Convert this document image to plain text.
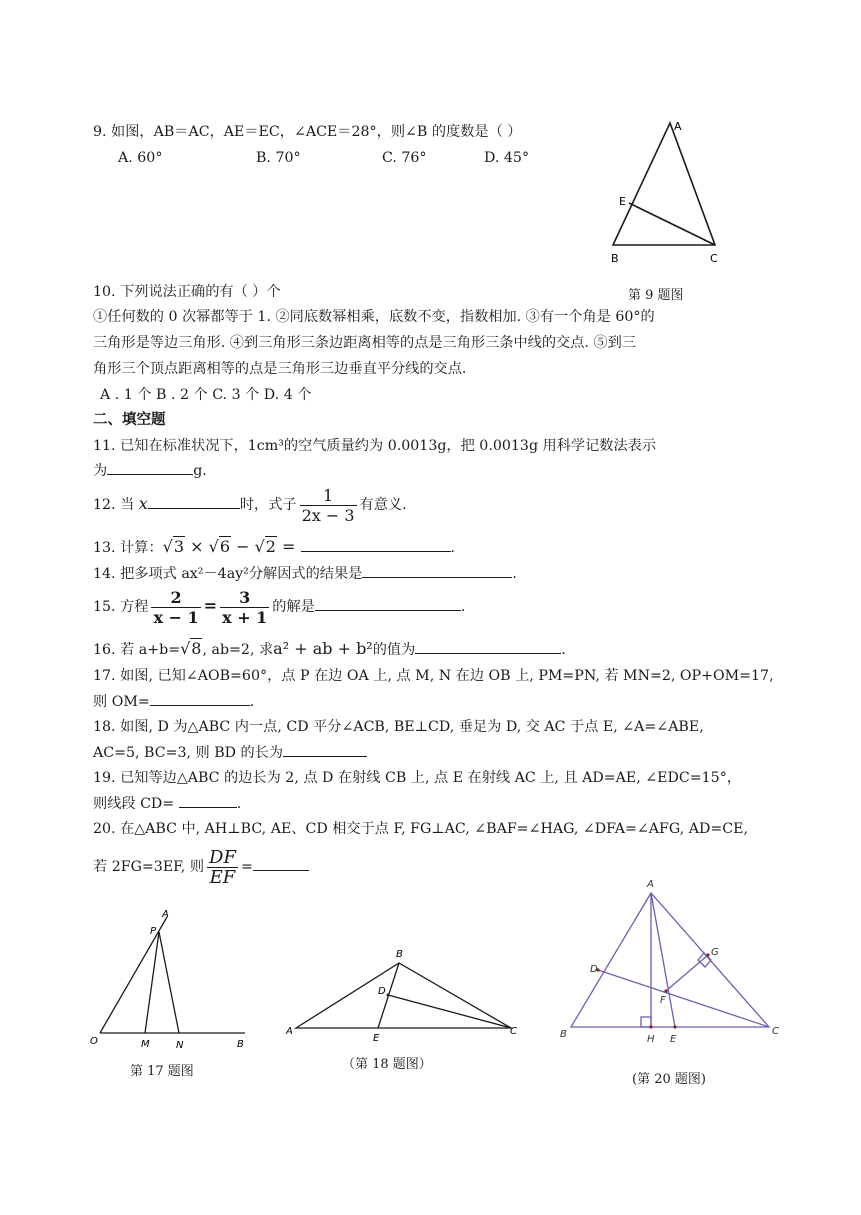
9. 如图，AB＝AC，AE＝EC，∠ACE＝28°，则∠B 的度数是（ ）
A. 60°	B. 70°	C. 76°	D. 45°
A
E
B	C
第 9 题图
10. 下列说法正确的有（ ）个
①任何数的 0 次幂都等于 1. ②同底数幂相乘，底数不变，指数相加. ③有一个角是 60°的
三角形是等边三角形. ④到三角形三条边距离相等的点是三角形三条中线的交点. ⑤到三
角形三个顶点距离相等的点是三角形三边垂直平分线的交点.
A . 1 个 B . 2 个 C. 3 个 D. 4 个
二、填空题
11. 已知在标准状况下，1cm³的空气质量约为 0.0013g，把 0.0013g 用科学记数法表示
为	g.
12. 当 x	时，式子 $\frac{1}{2x - 3}$ 有意义.
13. 计算：√3 × √6 − √2 =	.
14. 把多项式 ax²－4ay²分解因式的结果是	.
15. 方程 $\frac{2}{x - 1} = \frac{3}{x + 1}$ 的解是	.
16. 若 a+b=√8, ab=2, 求a² + ab + b²的值为	.
17. 如图, 已知∠AOB=60°，点 P 在边 OA 上, 点 M, N 在边 OB 上, PM=PN, 若 MN=2, OP+OM=17,
则 OM=	.
18. 如图, D 为△ABC 内一点, CD 平分∠ACB, BE⊥CD, 垂足为 D, 交 AC 于点 E, ∠A=∠ABE,
AC=5, BC=3, 则 BD 的长为
19. 已知等边△ABC 的边长为 2, 点 D 在射线 CB 上, 点 E 在射线 AC 上, 且 AD=AE, ∠EDC=15°，
则线段 CD=	.
20. 在△ABC 中, AH⊥BC, AE、CD 相交于点 F, FG⊥AC, ∠BAF=∠HAG, ∠DFA=∠AFG, AD=CE,
若 2FG=3EF, 则 $\frac{DF}{EF}$ =
A
P
O	M	N	B
第 17 题图
A
B
C
D
E
（第 18 题图）
A
B	C
D
E
F
G
H
(第 20 题图)
